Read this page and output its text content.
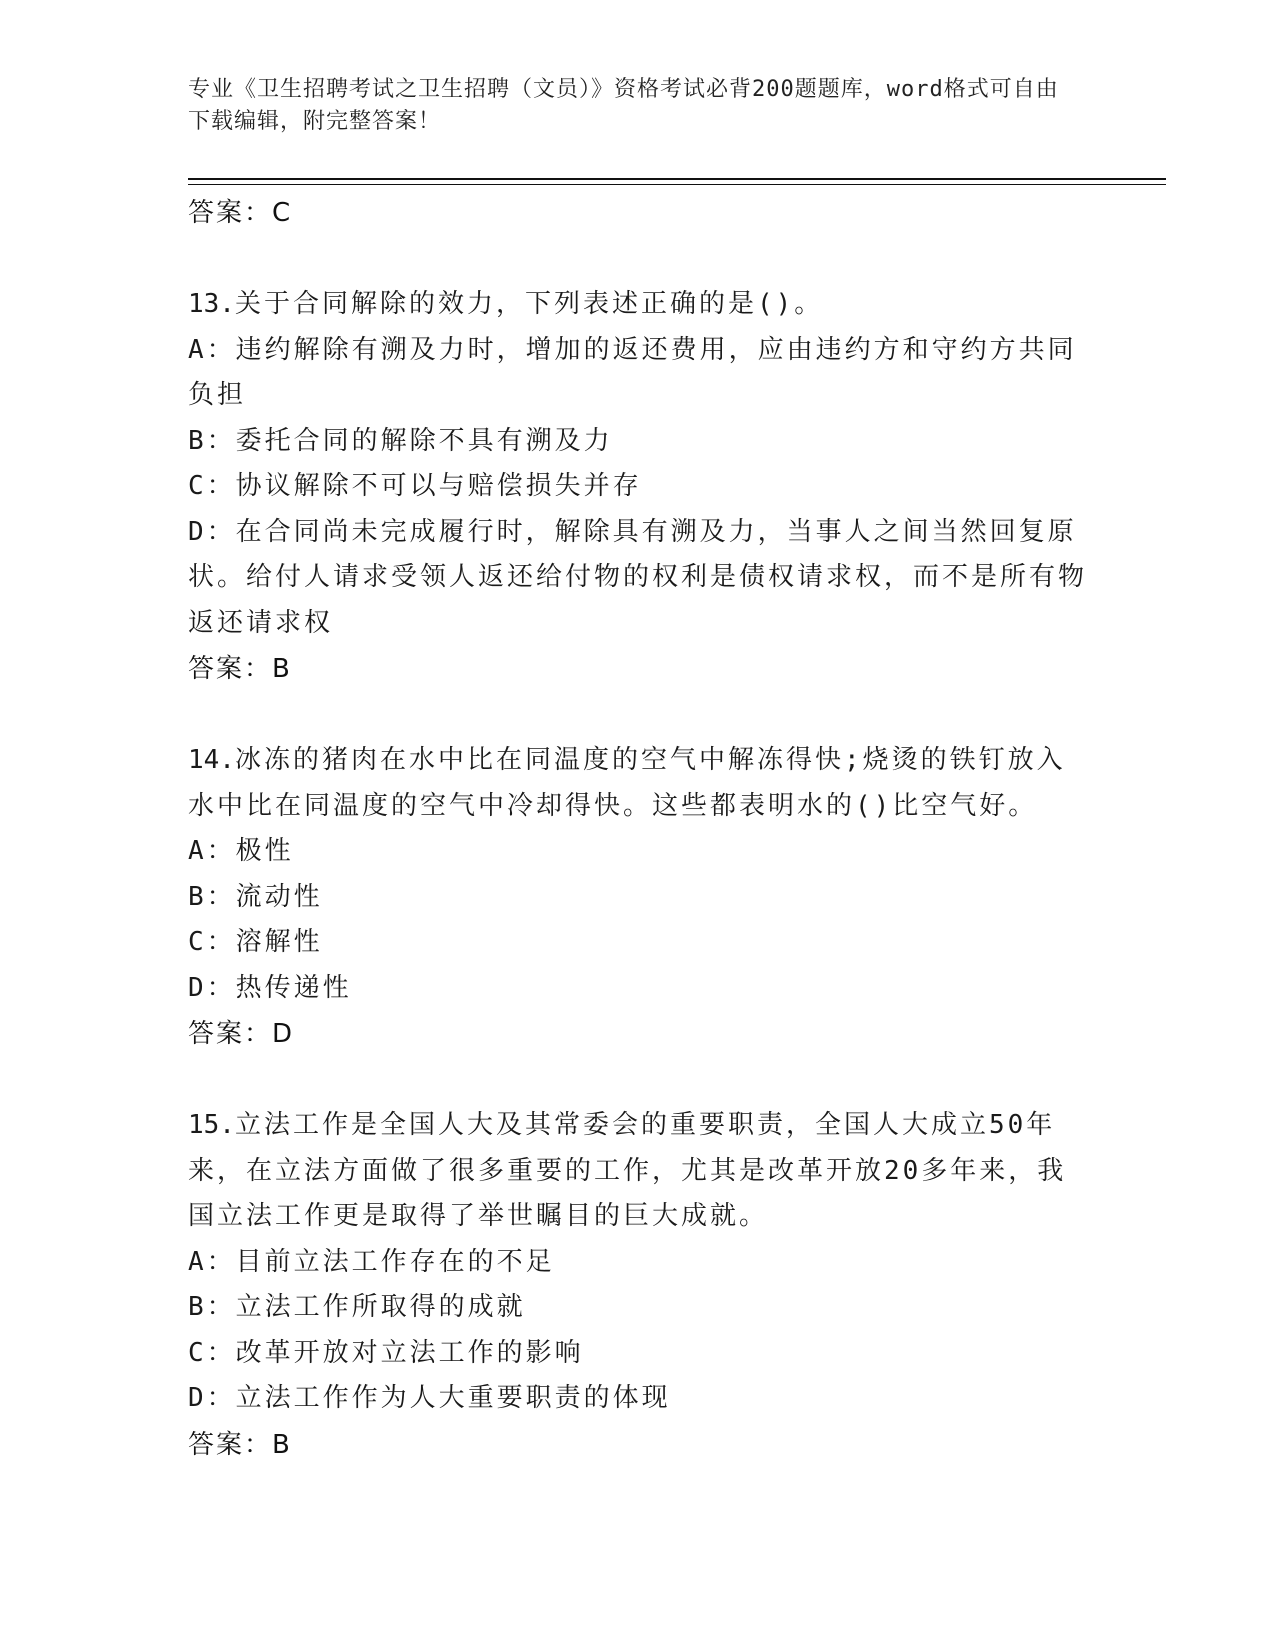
专业《卫生招聘考试之卫生招聘（文员）》资格考试必背200题题库，word格式可自由下载编辑，附完整答案！
答案：C

13.关于合同解除的效力，下列表述正确的是()。

A：违约解除有溯及力时，增加的返还费用，应由违约方和守约方共同负担

B：委托合同的解除不具有溯及力

C：协议解除不可以与赔偿损失并存

D：在合同尚未完成履行时，解除具有溯及力，当事人之间当然回复原状。给付人请求受领人返还给付物的权利是债权请求权，而不是所有物返还请求权

答案：B

14.冰冻的猪肉在水中比在同温度的空气中解冻得快;烧烫的铁钉放入水中比在同温度的空气中冷却得快。这些都表明水的()比空气好。

A：极性

B：流动性

C：溶解性

D：热传递性

答案：D

15.立法工作是全国人大及其常委会的重要职责，全国人大成立50年来，在立法方面做了很多重要的工作，尤其是改革开放20多年来，我国立法工作更是取得了举世瞩目的巨大成就。

A：目前立法工作存在的不足

B：立法工作所取得的成就

C：改革开放对立法工作的影响

D：立法工作作为人大重要职责的体现

答案：B
